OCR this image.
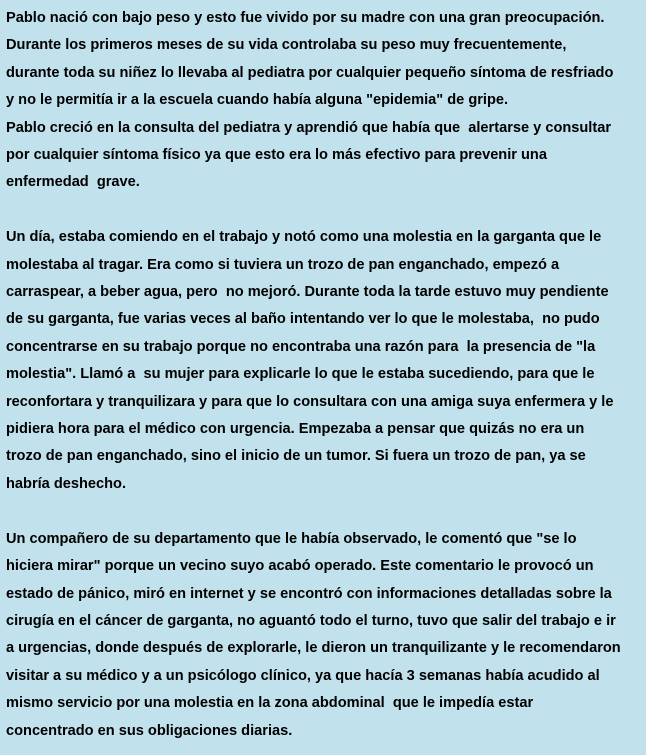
Pablo nació con bajo peso y esto fue vivido por su madre con una gran preocupación.
Durante los primeros meses de su vida controlaba su peso muy frecuentemente,
durante toda su niñez lo llevaba al pediatra por cualquier pequeño síntoma de resfriado
y no le permitía ir a la escuela cuando había alguna "epidemia" de gripe.
Pablo creció en la consulta del pediatra y aprendió que había que  alertarse y consultar
por cualquier síntoma físico ya que esto era lo más efectivo para prevenir una
enfermedad  grave.

Un día, estaba comiendo en el trabajo y notó como una molestia en la garganta que le
molestaba al tragar. Era como si tuviera un trozo de pan enganchado, empezó a
carraspear, a beber agua, pero  no mejoró. Durante toda la tarde estuvo muy pendiente
de su garganta, fue varias veces al baño intentando ver lo que le molestaba,  no pudo
concentrarse en su trabajo porque no encontraba una razón para  la presencia de "la
molestia". Llamó a  su mujer para explicarle lo que le estaba sucediendo, para que le
reconfortara y tranquilizara y para que lo consultara con una amiga suya enfermera y le
pidiera hora para el médico con urgencia. Empezaba a pensar que quizás no era un
trozo de pan enganchado, sino el inicio de un tumor. Si fuera un trozo de pan, ya se
habría deshecho.

Un compañero de su departamento que le había observado, le comentó que "se lo
hiciera mirar" porque un vecino suyo acabó operado. Este comentario le provocó un
estado de pánico, miró en internet y se encontró con informaciones detalladas sobre la
cirugía en el cáncer de garganta, no aguantó todo el turno, tuvo que salir del trabajo e ir
a urgencias, donde después de explorarle, le dieron un tranquilizante y le recomendaron
visitar a su médico y a un psicólogo clínico, ya que hacía 3 semanas había acudido al
mismo servicio por una molestia en la zona abdominal  que le impedía estar
concentrado en sus obligaciones diarias.
